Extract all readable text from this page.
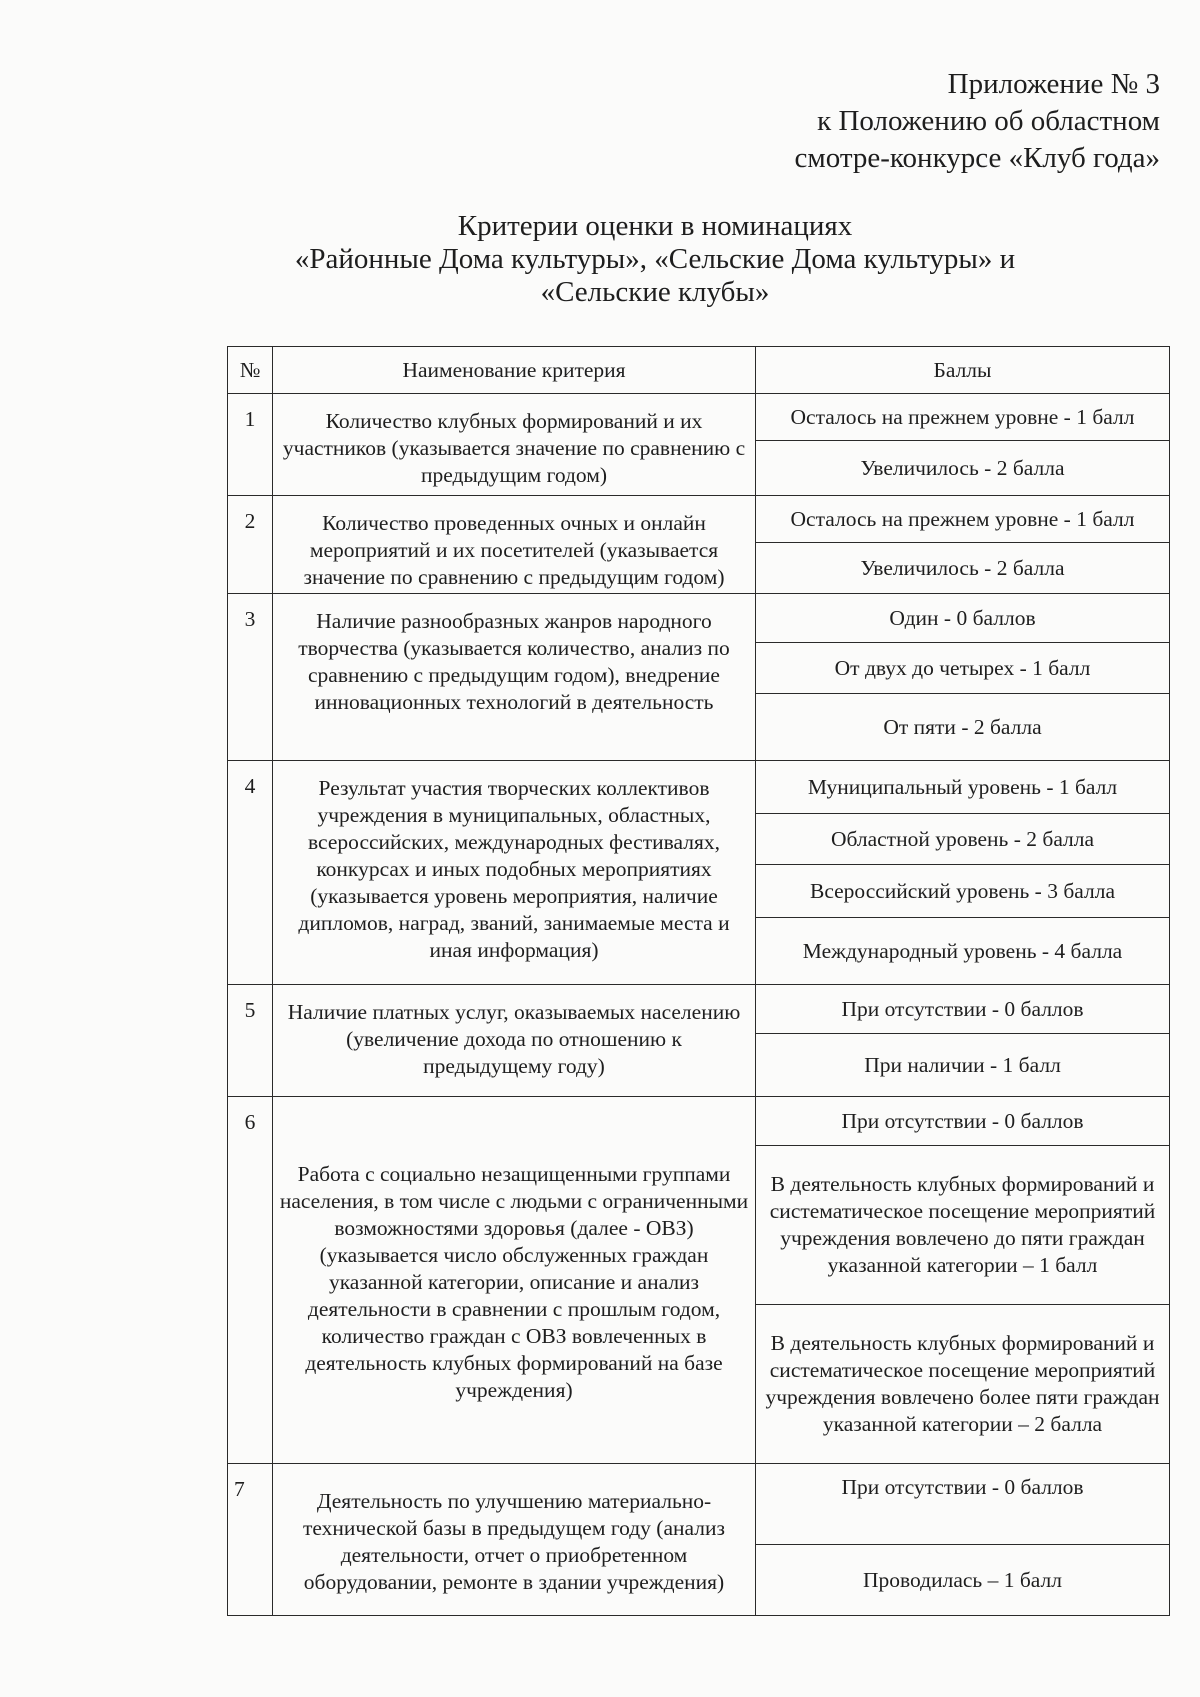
Приложение № 3
к Положению об областном
смотре-конкурсе «Клуб года»
Критерии оценки в номинациях
«Районные Дома культуры», «Сельские Дома культуры» и
«Сельские клубы»
№	Наименование критерия	Баллы
1	Количество клубных формирований и их участников (указывается значение по сравнению с предыдущим годом)	Осталось на прежнем уровне - 1 балл
		Увеличилось - 2 балла
2	Количество проведенных очных и онлайн мероприятий и их посетителей (указывается значение по сравнению с предыдущим годом)	Осталось на прежнем уровне - 1 балл
		Увеличилось - 2 балла
3	Наличие разнообразных жанров народного творчества (указывается количество, анализ по сравнению с предыдущим годом), внедрение инновационных технологий в деятельность	Один - 0 баллов
		От двух до четырех - 1 балл
		От пяти - 2 балла
4	Результат участия творческих коллективов учреждения в муниципальных, областных, всероссийских, международных фестивалях, конкурсах и иных подобных мероприятиях (указывается уровень мероприятия, наличие дипломов, наград, званий, занимаемые места и иная информация)	Муниципальный уровень - 1 балл
		Областной уровень - 2 балла
		Всероссийский уровень - 3 балла
		Международный уровень - 4 балла
5	Наличие платных услуг, оказываемых населению (увеличение дохода по отношению к предыдущему году)	При отсутствии - 0 баллов
		При наличии - 1 балл
6	Работа с социально незащищенными группами населения, в том числе с людьми с ограниченными возможностями здоровья (далее - ОВЗ) (указывается число обслуженных граждан указанной категории, описание и анализ деятельности в сравнении с прошлым годом, количество граждан с ОВЗ вовлеченных в деятельность клубных формирований на базе учреждения)	При отсутствии - 0 баллов
		В деятельность клубных формирований и систематическое посещение мероприятий учреждения вовлечено до пяти граждан указанной категории – 1 балл
		В деятельность клубных формирований и систематическое посещение мероприятий учреждения вовлечено более пяти граждан указанной категории – 2 балла
7	Деятельность по улучшению материально-технической базы в предыдущем году (анализ деятельности, отчет о приобретенном оборудовании, ремонте в здании учреждения)	При отсутствии - 0 баллов
		Проводилась – 1 балл
